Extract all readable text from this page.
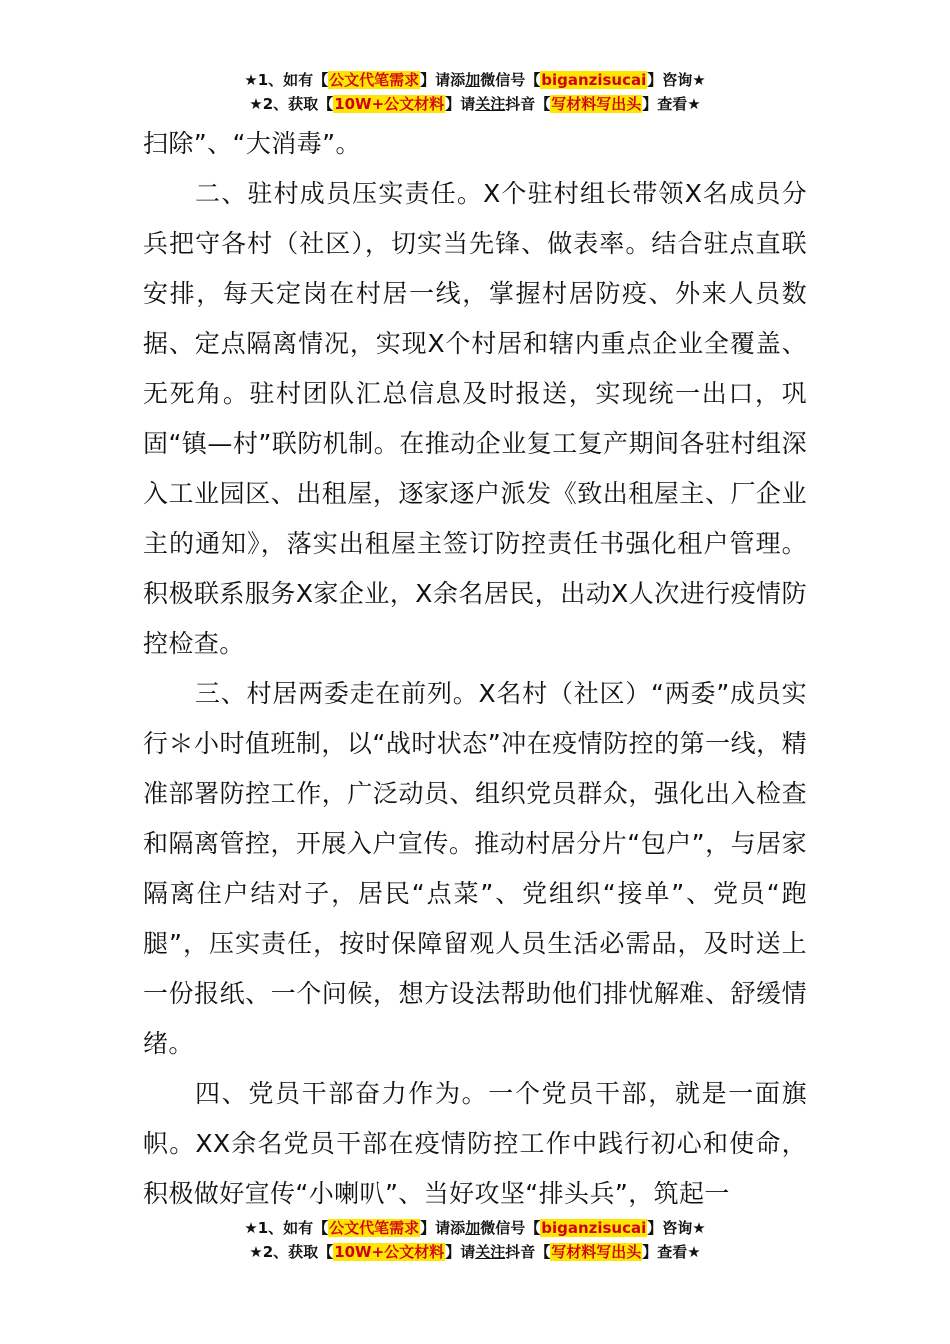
★1、如有【公文代笔需求】请添加微信号【biganzisucai】咨询★
★2、获取【10W+公文材料】请关注抖音【写材料写出头】查看★

扫除”、“大消毒”。

二、驻村成员压实责任。X个驻村组长带领X名成员分兵把守各村（社区），切实当先锋、做表率。结合驻点直联安排，每天定岗在村居一线，掌握村居防疫、外来人员数据、定点隔离情况，实现X个村居和辖内重点企业全覆盖、无死角。驻村团队汇总信息及时报送，实现统一出口，巩固“镇—村”联防机制。在推动企业复工复产期间各驻村组深入工业园区、出租屋，逐家逐户派发《致出租屋主、厂企业主的通知》，落实出租屋主签订防控责任书强化租户管理。积极联系服务X家企业，X余名居民，出动X人次进行疫情防控检查。

三、村居两委走在前列。X名村（社区）“两委”成员实行＊小时值班制，以“战时状态”冲在疫情防控的第一线，精准部署防控工作，广泛动员、组织党员群众，强化出入检查和隔离管控，开展入户宣传。推动村居分片“包户”，与居家隔离住户结对子，居民“点菜”、党组织“接单”、党员“跑腿”，压实责任，按时保障留观人员生活必需品，及时送上一份报纸、一个问候，想方设法帮助他们排忧解难、舒缓情绪。

四、党员干部奋力作为。一个党员干部，就是一面旗帜。XX余名党员干部在疫情防控工作中践行初心和使命，积极做好宣传“小喇叭”、当好攻坚“排头兵”，筑起一

★1、如有【公文代笔需求】请添加微信号【biganzisucai】咨询★
★2、获取【10W+公文材料】请关注抖音【写材料写出头】查看★
